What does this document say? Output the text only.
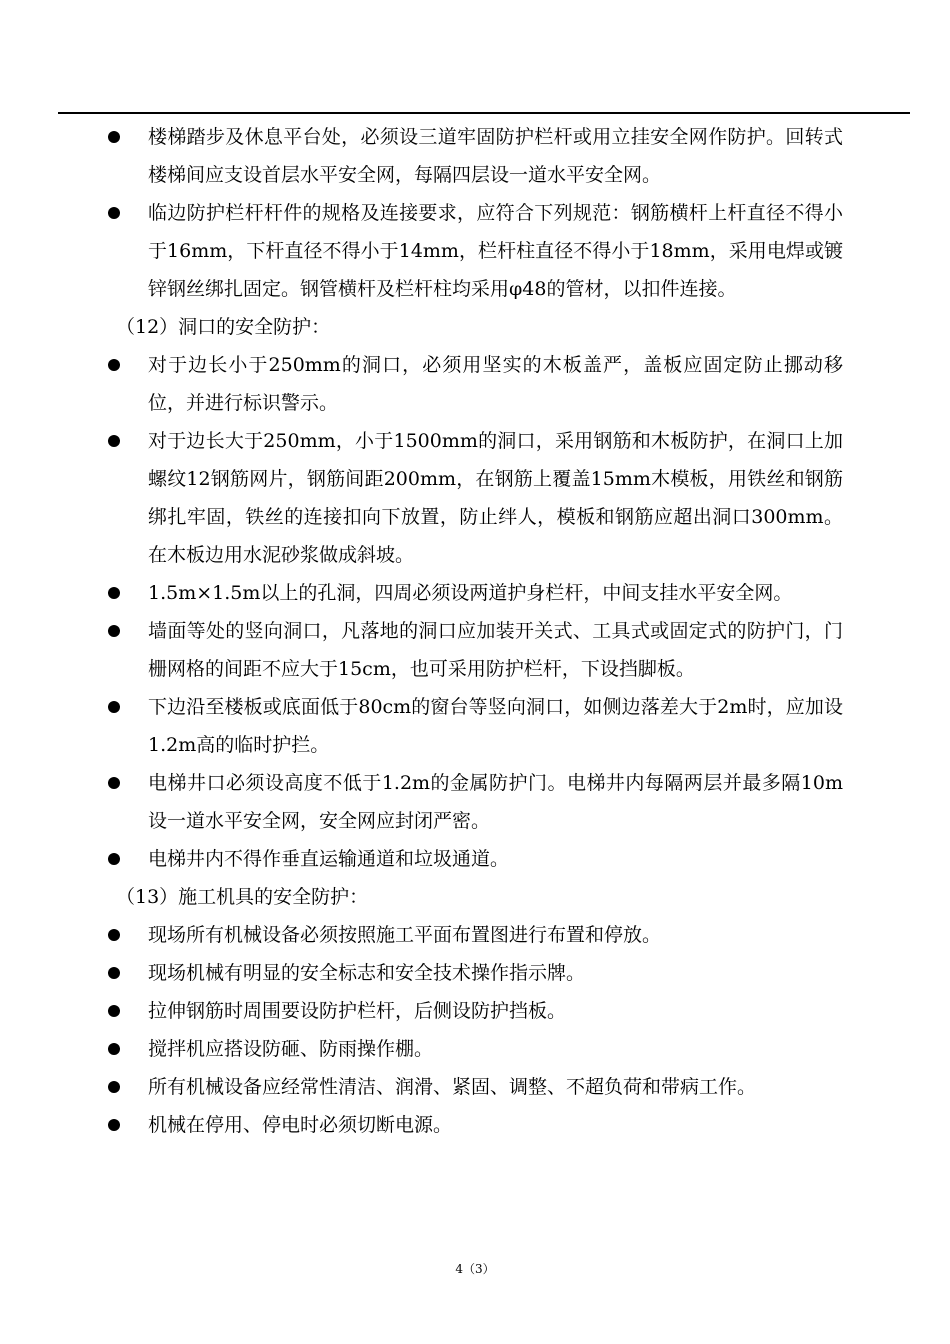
楼梯踏步及休息平台处，必须设三道牢固防护栏杆或用立挂安全网作防护。回转式楼梯间应支设首层水平安全网，每隔四层设一道水平安全网。
临边防护栏杆杆件的规格及连接要求，应符合下列规范：钢筋横杆上杆直径不得小于16mm，下杆直径不得小于14mm，栏杆柱直径不得小于18mm，采用电焊或镀锌钢丝绑扎固定。钢管横杆及栏杆柱均采用φ48的管材，以扣件连接。
（12）洞口的安全防护：
对于边长小于250mm的洞口，必须用坚实的木板盖严，盖板应固定防止挪动移位，并进行标识警示。
对于边长大于250mm，小于1500mm的洞口，采用钢筋和木板防护，在洞口上加螺纹12钢筋网片，钢筋间距200mm，在钢筋上覆盖15mm木模板，用铁丝和钢筋绑扎牢固，铁丝的连接扣向下放置，防止绊人，模板和钢筋应超出洞口300mm。在木板边用水泥砂浆做成斜坡。
1.5m×1.5m以上的孔洞，四周必须设两道护身栏杆，中间支挂水平安全网。
墙面等处的竖向洞口，凡落地的洞口应加装开关式、工具式或固定式的防护门，门栅网格的间距不应大于15cm，也可采用防护栏杆，下设挡脚板。
下边沿至楼板或底面低于80cm的窗台等竖向洞口，如侧边落差大于2m时，应加设1.2m高的临时护拦。
电梯井口必须设高度不低于1.2m的金属防护门。电梯井内每隔两层并最多隔10m设一道水平安全网，安全网应封闭严密。
电梯井内不得作垂直运输通道和垃圾通道。
（13）施工机具的安全防护：
现场所有机械设备必须按照施工平面布置图进行布置和停放。
现场机械有明显的安全标志和安全技术操作指示牌。
拉伸钢筋时周围要设防护栏杆，后侧设防护挡板。
搅拌机应搭设防砸、防雨操作棚。
所有机械设备应经常性清洁、润滑、紧固、调整、不超负荷和带病工作。
机械在停用、停电时必须切断电源。
4（3）
